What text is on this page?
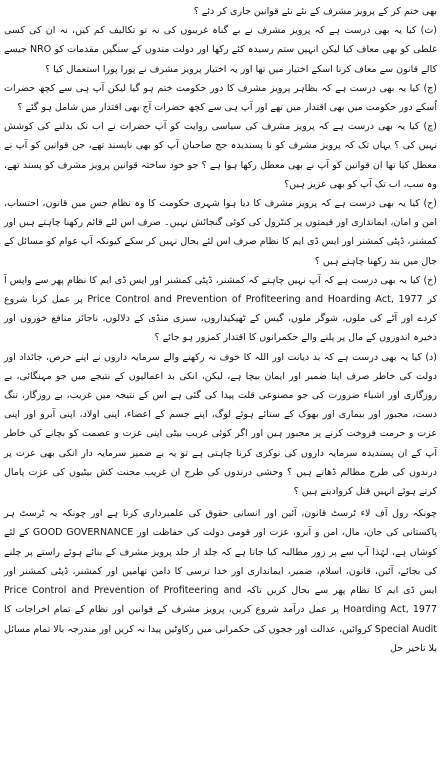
بھی ختم کر کے پرویز مشرف کے نئے نئے قوانین جاری کر دئے ؟

(ث) کیا یہ بھی درست ہے کہ پرویز مشرف نے بے گناہ غریبوں کی نہ تو تکالیف کم کیں، نہ ان کی کسی غلطی کو بھی معاف کیا لیکن انہیں ستم رسیدہ کئے رکھا اور دولت مندوں کے سنگین مقدمات کو NRO جیسے کالے قانون سے معاف کرنا اسکے اختیار میں تھا اور یہ اختیار پرویز مشرف نے پورا پورا استعمال کیا ؟

(ج) کیا یہ بھی درست ہے کہ بظاہر پرویز مشرف کا دور حکومت ختم ہو گیا لیکن آپ ہی سے کچھ حضرات اُسکے دور حکومت میں بھی اقتدار میں تھے اور آپ ہی سے کچھ حضرات آج بھی اقتدار میں شامل ہو گئے ؟

(چ) کیا یہ بھی درست ہے کہ پرویز مشرف کی سیاسی روایت کو آپ حضرات نے اب تک بدلنے کی کوشش نہیں کی ؟ یہاں تک کہ پرویز مشرف کو نا پسندیدہ جج صاحبان آپ کو بھی ناپسند تھے، جن قوانین کو آپ نے معطل کیا تھا ان قوانین کو آپ نے بھی معطل رکھا ہوا ہے ؟ جو خود ساختہ قوانین پرویز مشرف کو پسند تھے، وہ سب، اب تک آپ کو بھی عزیز ہیں؟

(ح) کیا یہ بھی درست ہے کہ پرویز مشرف کا دیا ہوا شہری حکومت کا وہ نظام جس میں قانون، احتساب، امن و امان، ایمانداری اور قیمتوں پر کنٹرول کی کوئی گنجائش نہیں۔ صرف اس لئے قائم رکھنا چاہتے ہیں اور کمشنر، ڈپٹی کمشنر اور ایس ڈی ایم کا نظام صرف اس لئے بحال نہیں کر سکے کیونکہ آپ عوام کو مسائل کے جال میں بند رکھنا چاہتے ہیں ؟

(خ) کیا یہ بھی درست ہے کہ آپ نہیں چاہتے کہ کمشنر، ڈپٹی کمشنر اور ایس ڈی ایم کا نظام پھر سے واپس آ کر Price Control and Prevention of Profiteering and Hoarding Act, 1977 پر عمل کرنا شروع کردے اور آٹے کی ملوں، شوگر ملوں، گیس کے ٹھیکیداروں، سبزی منڈی کے دلالوں، ناجائز منافع خوروں اور ذخیرہ اندوزوں کے مال پر پلنے والے حکمرانوں کا اقتدار کمزور ہو جائے ؟

(د) کیا یہ بھی درست ہے کہ بد دیانت اور اللہ کا خوف نہ رکھنے والے سرمایہ داروں نے اپنے حرص، جائداد اور دولت کی خاطر صرف اپنا ضمیر اور ایمان بیچا ہے، لیکن، انکی بد اعمالیوں کے نتیجے میں جو مہنگائی، بے روزگاری اور اشیاء ضرورت کی جو مصنوعی قلت پیدا کی گئی ہے اس کے نتیجہ میں غریب، بے روزگار، تنگ دست، مجبور اور بیماری اور بھوک کے ستائے ہوئے لوگ، اپنے جسم کے اعضاء، اپنی اولاد، اپنی آبرو اور اپنی عزت و حرمت فروخت کرنے پر مجبور ہیں اور اگر کوئی غریب بیٹی اپنی عزت و عصمت کو بچانے کی خاطر آپ کے ان پسندیدہ سرمایہ داروں کی نوکری کرنا چاہتی ہے تو یہ بے ضمیر سرمایہ دار انکی بھی عزت پر درندوں کی طرح مظالم ڈھاتے ہیں ؟ وحشی درندوں کی طرح ان غریب محنت کش بیٹیوں کی عزت پامال کرتے ہوئے انہیں قتل کروادیتے ہیں ؟

چونکہ رول آف لاء ٹرسٹ قانون، آئین اور انسانی حقوق کی علمبرداری کرتا ہے اور چونکہ یہ ٹرسٹ ہر پاکستانی کی جان، مال، امن و آبرو، عزت اور قومی دولت کی حفاظت اور GOOD GOVERNANCE کے لئے کوشاں ہے، لہٰذا آپ سے پر زور مطالبہ کیا جاتا ہے کہ جلد از جلد پرویز مشرف کے بنائے ہوئے راستے پر چلنے کی بجائے، آئین، قانون، اسلام، ضمیر، ایمانداری اور خدا ترسی کا دامن تھامیں اور کمشنر، ڈپٹی کمشنر اور ایس ڈی ایم کا نظام پھر سے بحال کریں تاکہ Price Control and Prevention of Profiteering and Hoarding Act, 1977 پر عمل درآمد شروع کریں، پرویز مشرف کے قوانین اور نظام کے تمام اخراجات کا Special Audit کروائیں، عدالت اور ججوں کی حکمرانی میں رکاوٹیں پیدا نہ کریں اور مندرجہ بالا تمام مسائل بلا تاخیر حل
